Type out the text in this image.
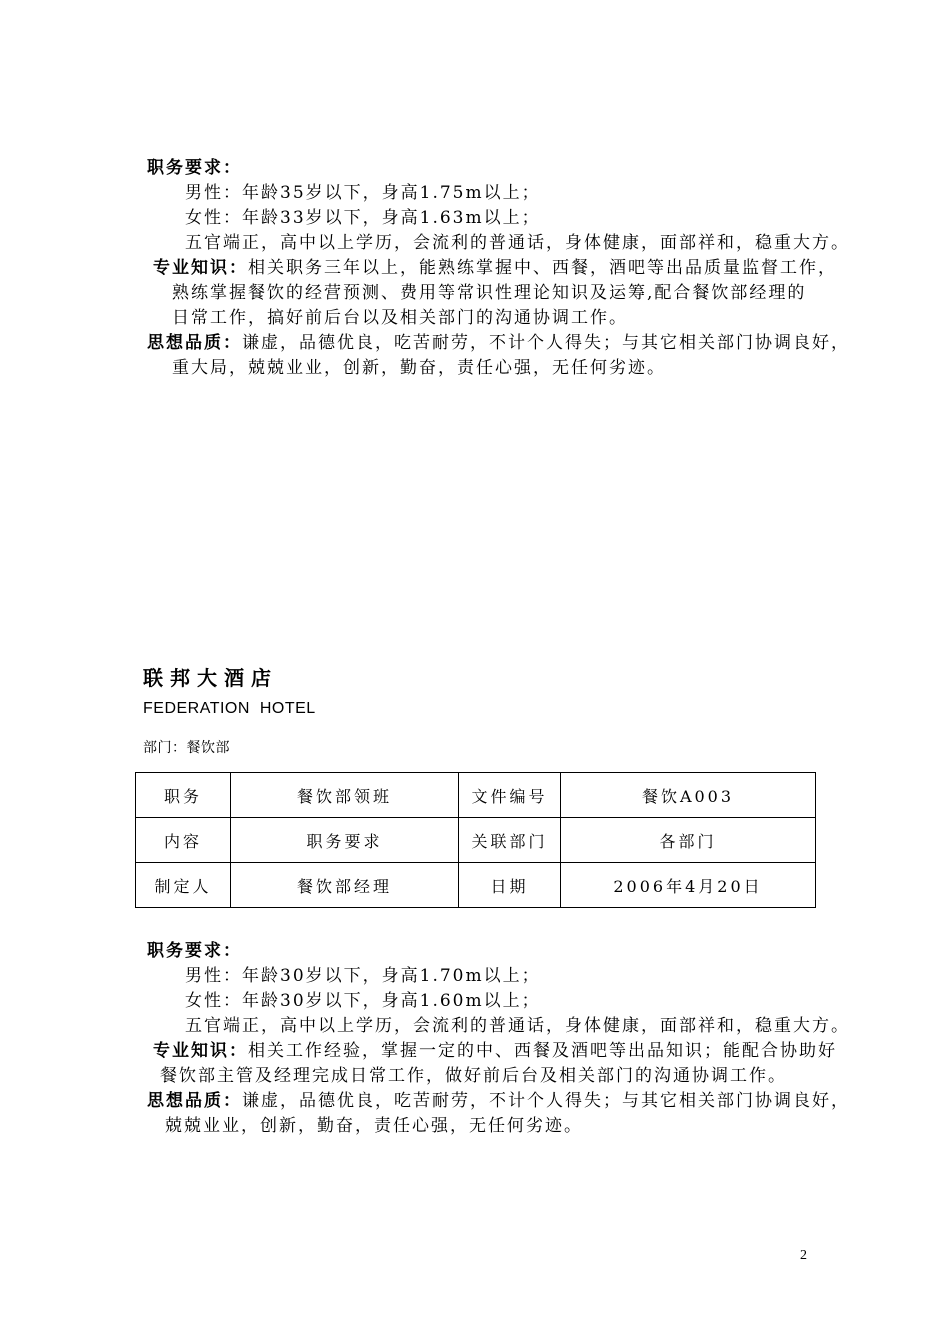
职务要求：
男性：年龄35岁以下，身高1.75m以上；
女性：年龄33岁以下，身高1.63m以上；
五官端正，高中以上学历，会流利的普通话，身体健康，面部祥和，稳重大方。
专业知识：相关职务三年以上，能熟练掌握中、西餐，酒吧等出品质量监督工作，
熟练掌握餐饮的经营预测、费用等常识性理论知识及运筹,配合餐饮部经理的
日常工作，搞好前后台以及相关部门的沟通协调工作。
思想品质：谦虚，品德优良，吃苦耐劳，不计个人得失；与其它相关部门协调良好，
重大局，兢兢业业，创新，勤奋，责任心强，无任何劣迹。
联邦大酒店
FEDERATION  HOTEL
部门：餐饮部
职务	餐饮部领班	文件编号	餐饮A003
内容	职务要求	关联部门	各部门
制定人	餐饮部经理	日期	2006年4月20日
职务要求：
男性：年龄30岁以下，身高1.70m以上；
女性：年龄30岁以下，身高1.60m以上；
五官端正，高中以上学历，会流利的普通话，身体健康，面部祥和，稳重大方。
专业知识：相关工作经验，掌握一定的中、西餐及酒吧等出品知识；能配合协助好
餐饮部主管及经理完成日常工作，做好前后台及相关部门的沟通协调工作。
思想品质：谦虚，品德优良，吃苦耐劳，不计个人得失；与其它相关部门协调良好，
兢兢业业，创新，勤奋，责任心强，无任何劣迹。
2
